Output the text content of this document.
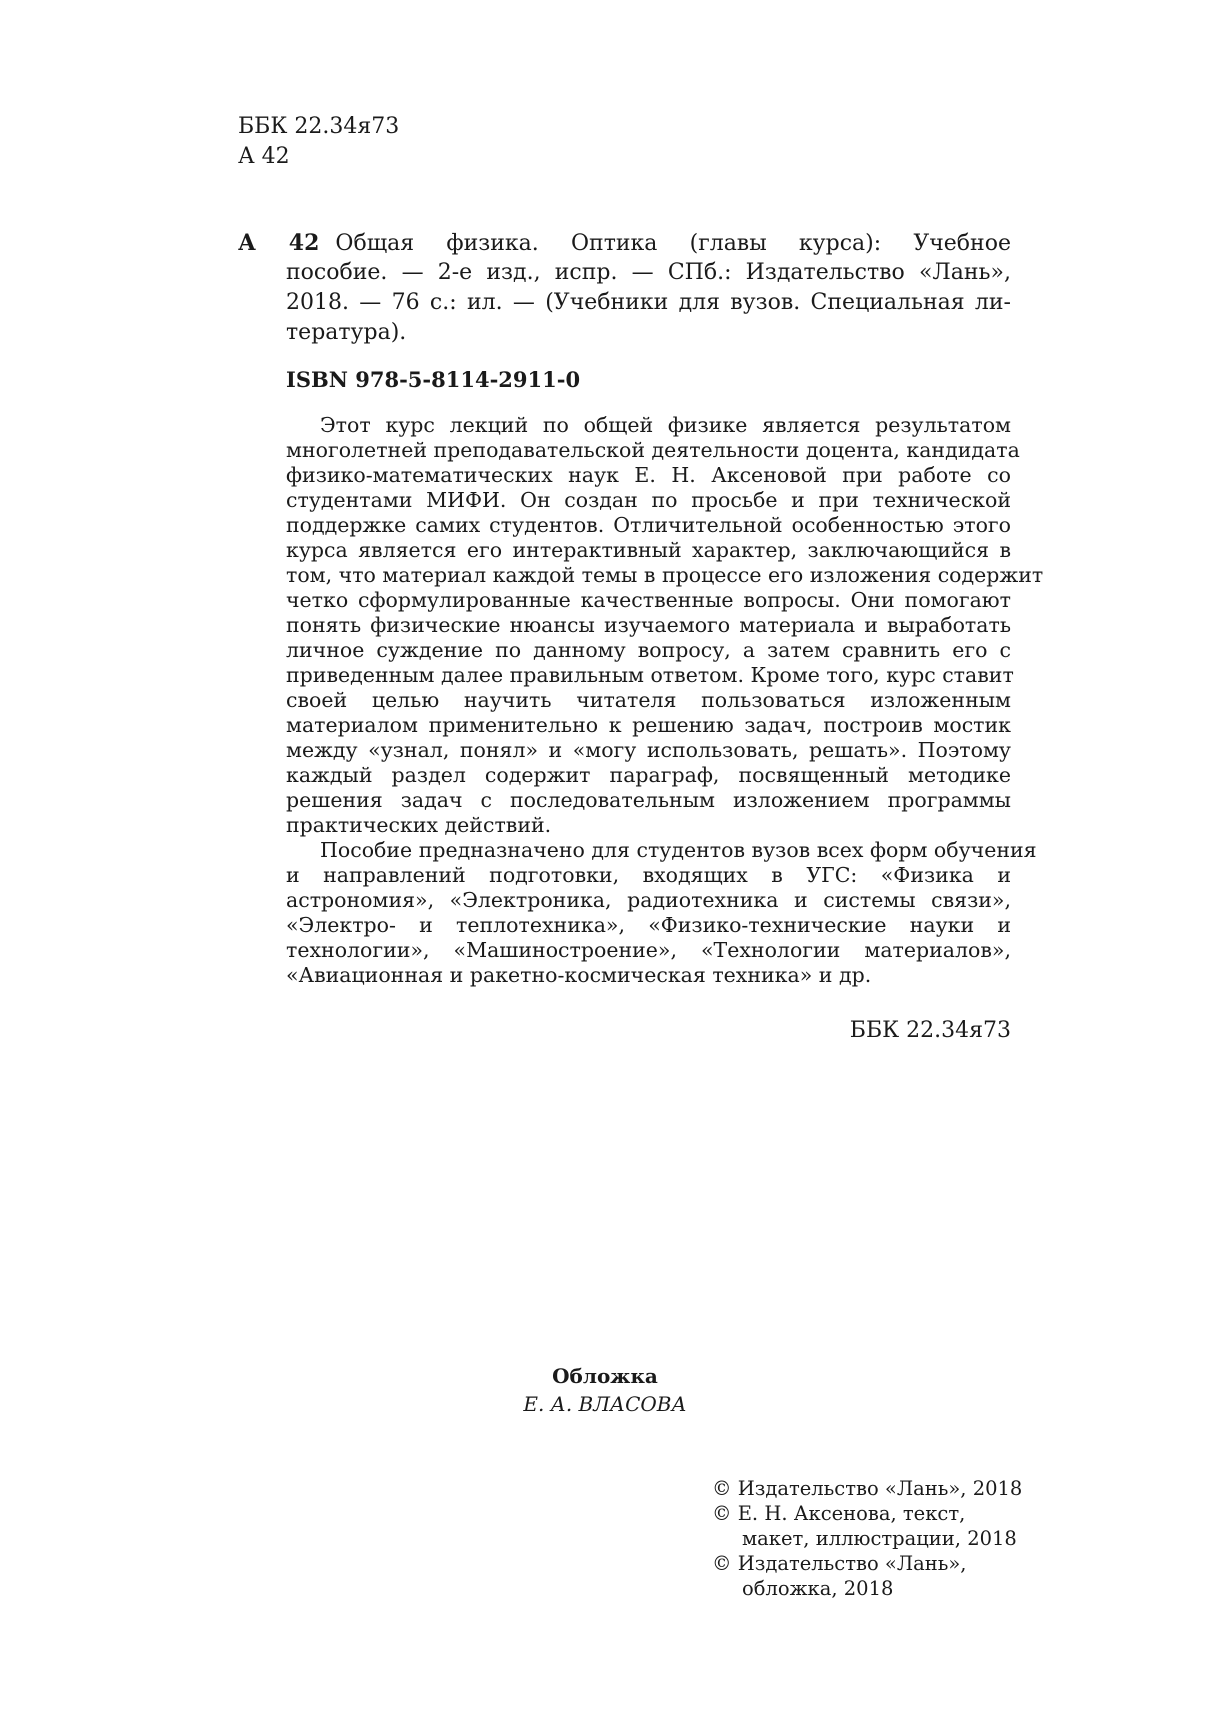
ББК 22.34я73
А 42
А 42 Общая физика. Оптика (главы курса): Учебное
пособие. — 2-е изд., испр. — СПб.: Издательство «Лань»,
2018. — 76 с.: ил. — (Учебники для вузов. Специальная ли-
тература).
ISBN 978-5-8114-2911-0
Этот курс лекций по общей физике является результатом
многолетней преподавательской деятельности доцента, кандидата
физико-математических наук Е. Н. Аксеновой при работе со
студентами МИФИ. Он создан по просьбе и при технической
поддержке самих студентов. Отличительной особенностью этого
курса является его интерактивный характер, заключающийся в
том, что материал каждой темы в процессе его изложения содержит
четко сформулированные качественные вопросы. Они помогают
понять физические нюансы изучаемого материала и выработать
личное суждение по данному вопросу, а затем сравнить его с
приведенным далее правильным ответом. Кроме того, курс ставит
своей целью научить читателя пользоваться изложенным
материалом применительно к решению задач, построив мостик
между «узнал, понял» и «могу использовать, решать». Поэтому
каждый раздел содержит параграф, посвященный методике
решения задач с последовательным изложением программы
практических действий.
Пособие предназначено для студентов вузов всех форм обучения
и направлений подготовки, входящих в УГС: «Физика и
астрономия», «Электроника, радиотехника и системы связи»,
«Электро- и теплотехника», «Физико-технические науки и
технологии», «Машиностроение», «Технологии материалов»,
«Авиационная и ракетно-космическая техника» и др.
ББК 22.34я73
Обложка
Е. А. ВЛАСОВА
© Издательство «Лань», 2018
© Е. Н. Аксенова, текст,
макет, иллюстрации, 2018
© Издательство «Лань»,
обложка, 2018
